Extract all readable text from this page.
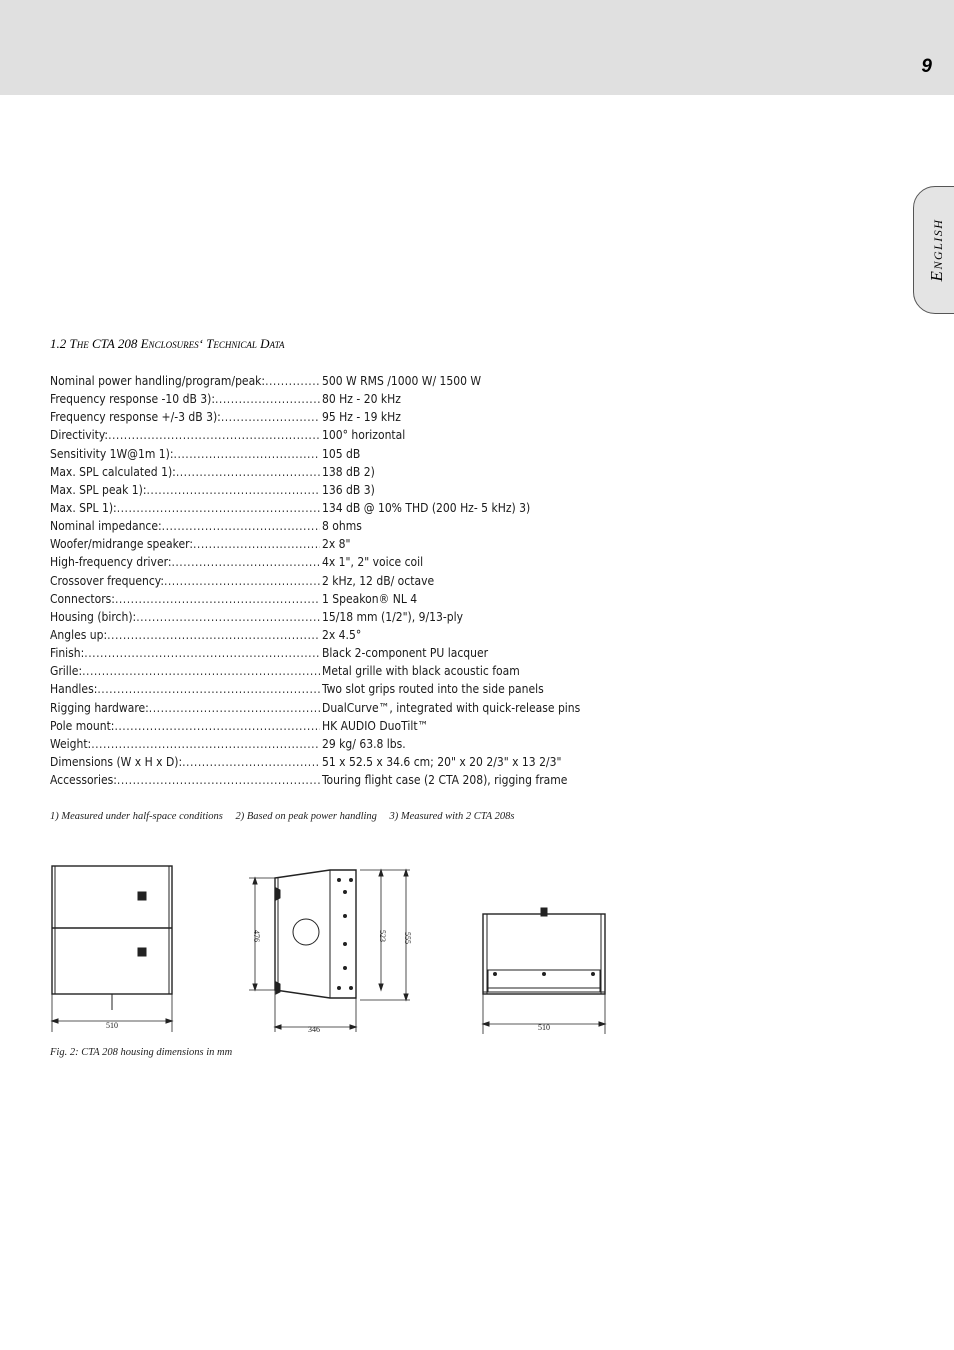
9
English
1.2 The CTA 208 Enclosures‘ Technical Data
Nominal power handling/program/peak: .....	500 W RMS /1000 W/ 1500 W
Frequency response -10 dB 3): .....	80 Hz - 20 kHz
Frequency response +/-3 dB 3): .....	95 Hz - 19 kHz
Directivity: .....	100° horizontal
Sensitivity 1W@1m 1): .....	105 dB
Max. SPL calculated 1): .....	138 dB 2)
Max. SPL peak 1): .....	136 dB 3)
Max. SPL 1): .....	134 dB @ 10% THD (200 Hz- 5 kHz) 3)
Nominal impedance: .....	8 ohms
Woofer/midrange speaker: .....	2x 8"
High-frequency driver: .....	4x 1", 2" voice coil
Crossover frequency: .....	2 kHz, 12 dB/ octave
Connectors: .....	1 Speakon® NL 4
Housing (birch): .....	15/18 mm (1/2"), 9/13-ply
Angles up: .....	2x 4.5°
Finish: .....	Black 2-component PU lacquer
Grille: .....	Metal grille with black acoustic foam
Handles: .....	Two slot grips routed into the side panels
Rigging hardware: .....	DualCurve™, integrated with quick-release pins
Pole mount: .....	HK AUDIO DuoTilt™
Weight: .....	29 kg/ 63.8 lbs.
Dimensions (W x H x D): .....	51 x 52.5 x 34.6 cm; 20" x 20 2/3" x 13 2/3"
Accessories: .....	Touring flight case (2 CTA 208), rigging frame
1) Measured under half-space conditions 2) Based on peak power handling 3) Measured with 2 CTA 208s
510
476	523 555
346	510
Fig. 2: CTA 208 housing dimensions in mm
